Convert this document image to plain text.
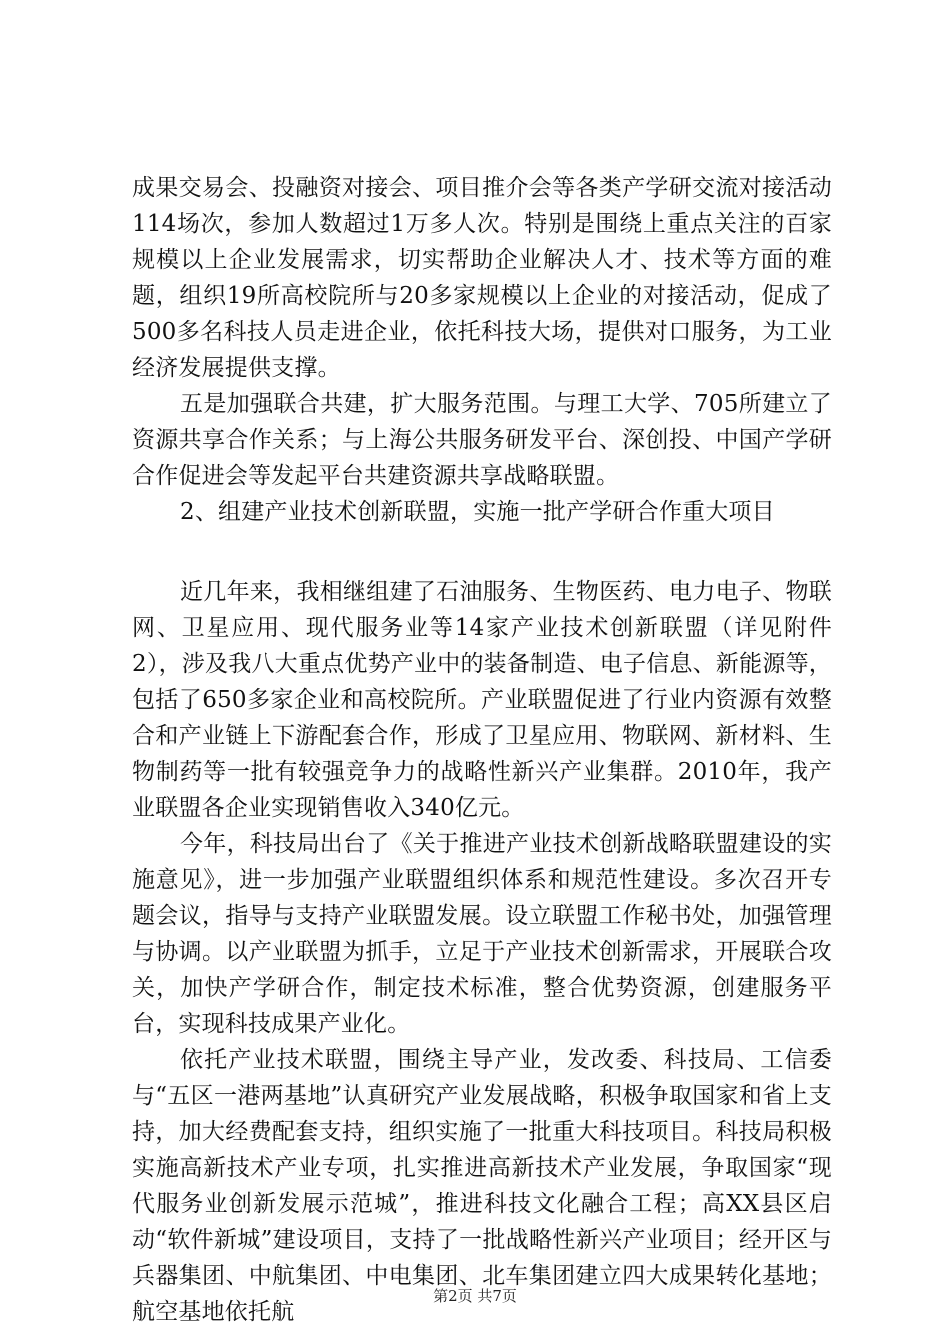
成果交易会、投融资对接会、项目推介会等各类产学研交流对接活动114场次，参加人数超过1万多人次。特别是围绕上重点关注的百家规模以上企业发展需求，切实帮助企业解决人才、技术等方面的难题，组织19所高校院所与20多家规模以上企业的对接活动，促成了500多名科技人员走进企业，依托科技大场，提供对口服务，为工业经济发展提供支撑。

五是加强联合共建，扩大服务范围。与理工大学、705所建立了资源共享合作关系；与上海公共服务研发平台、深创投、中国产学研合作促进会等发起平台共建资源共享战略联盟。

2、组建产业技术创新联盟，实施一批产学研合作重大项目

近几年来，我相继组建了石油服务、生物医药、电力电子、物联网、卫星应用、现代服务业等14家产业技术创新联盟（详见附件2），涉及我八大重点优势产业中的装备制造、电子信息、新能源等，包括了650多家企业和高校院所。产业联盟促进了行业内资源有效整合和产业链上下游配套合作，形成了卫星应用、物联网、新材料、生物制药等一批有较强竞争力的战略性新兴产业集群。2010年，我产业联盟各企业实现销售收入340亿元。

今年，科技局出台了《关于推进产业技术创新战略联盟建设的实施意见》，进一步加强产业联盟组织体系和规范性建设。多次召开专题会议，指导与支持产业联盟发展。设立联盟工作秘书处，加强管理与协调。以产业联盟为抓手，立足于产业技术创新需求，开展联合攻关，加快产学研合作，制定技术标准，整合优势资源，创建服务平台，实现科技成果产业化。

依托产业技术联盟，围绕主导产业，发改委、科技局、工信委与“五区一港两基地”认真研究产业发展战略，积极争取国家和省上支持，加大经费配套支持，组织实施了一批重大科技项目。科技局积极实施高新技术产业专项，扎实推进高新技术产业发展，争取国家“现代服务业创新发展示范城”，推进科技文化融合工程；高XX县区启动“软件新城”建设项目，支持了一批战略性新兴产业项目；经开区与兵器集团、中航集团、中电集团、北车集团建立四大成果转化基地；航空基地依托航

第2页 共7页
